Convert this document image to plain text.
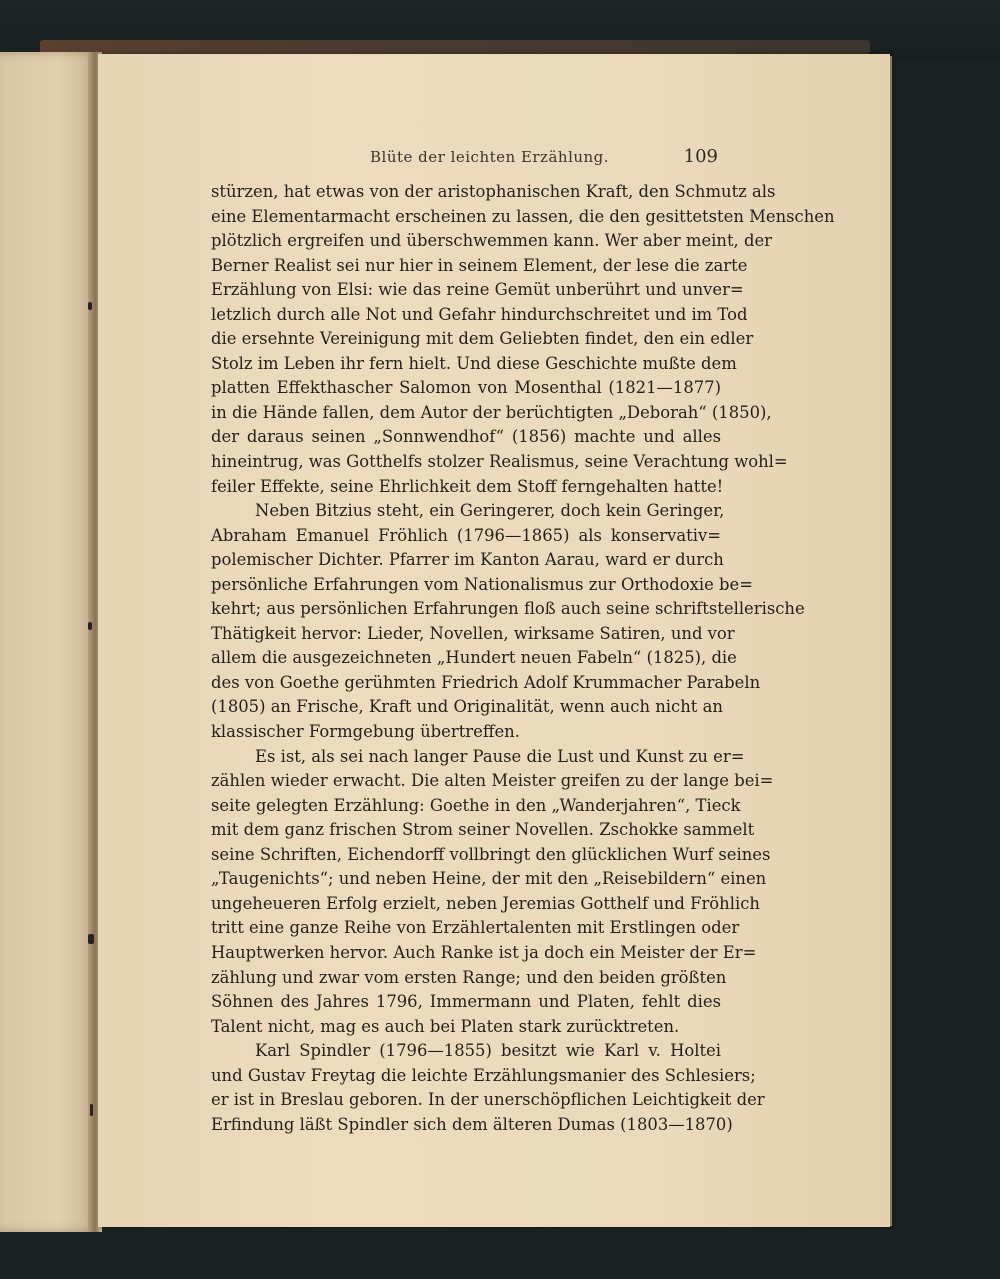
Blüte der leichten Erzählung.	109
stürzen, hat etwas von der aristophanischen Kraft, den Schmutz als
eine Elementarmacht erscheinen zu lassen, die den gesittetsten Menschen
plötzlich ergreifen und überschwemmen kann. Wer aber meint, der
Berner Realist sei nur hier in seinem Element, der lese die zarte
Erzählung von Elsi: wie das reine Gemüt unberührt und unver=
letzlich durch alle Not und Gefahr hindurchschreitet und im Tod
die ersehnte Vereinigung mit dem Geliebten findet, den ein edler
Stolz im Leben ihr fern hielt. Und diese Geschichte mußte dem
platten Effekthascher Salomon von Mosenthal (1821—1877)
in die Hände fallen, dem Autor der berüchtigten „Deborah“ (1850),
der daraus seinen „Sonnwendhof“ (1856) machte und alles
hineintrug, was Gotthelfs stolzer Realismus, seine Verachtung wohl=
feiler Effekte, seine Ehrlichkeit dem Stoff ferngehalten hatte!
Neben Bitzius steht, ein Geringerer, doch kein Geringer,
Abraham Emanuel Fröhlich (1796—1865) als konservativ=
polemischer Dichter. Pfarrer im Kanton Aarau, ward er durch
persönliche Erfahrungen vom Nationalismus zur Orthodoxie be=
kehrt; aus persönlichen Erfahrungen floß auch seine schriftstellerische
Thätigkeit hervor: Lieder, Novellen, wirksame Satiren, und vor
allem die ausgezeichneten „Hundert neuen Fabeln“ (1825), die
des von Goethe gerühmten Friedrich Adolf Krummacher Parabeln
(1805) an Frische, Kraft und Originalität, wenn auch nicht an
klassischer Formgebung übertreffen.
Es ist, als sei nach langer Pause die Lust und Kunst zu er=
zählen wieder erwacht. Die alten Meister greifen zu der lange bei=
seite gelegten Erzählung: Goethe in den „Wanderjahren“, Tieck
mit dem ganz frischen Strom seiner Novellen. Zschokke sammelt
seine Schriften, Eichendorff vollbringt den glücklichen Wurf seines
„Taugenichts“; und neben Heine, der mit den „Reisebildern“ einen
ungeheueren Erfolg erzielt, neben Jeremias Gotthelf und Fröhlich
tritt eine ganze Reihe von Erzählertalenten mit Erstlingen oder
Hauptwerken hervor. Auch Ranke ist ja doch ein Meister der Er=
zählung und zwar vom ersten Range; und den beiden größten
Söhnen des Jahres 1796, Immermann und Platen, fehlt dies
Talent nicht, mag es auch bei Platen stark zurücktreten.
Karl Spindler (1796—1855) besitzt wie Karl v. Holtei
und Gustav Freytag die leichte Erzählungsmanier des Schlesiers;
er ist in Breslau geboren. In der unerschöpflichen Leichtigkeit der
Erfindung läßt Spindler sich dem älteren Dumas (1803—1870)
